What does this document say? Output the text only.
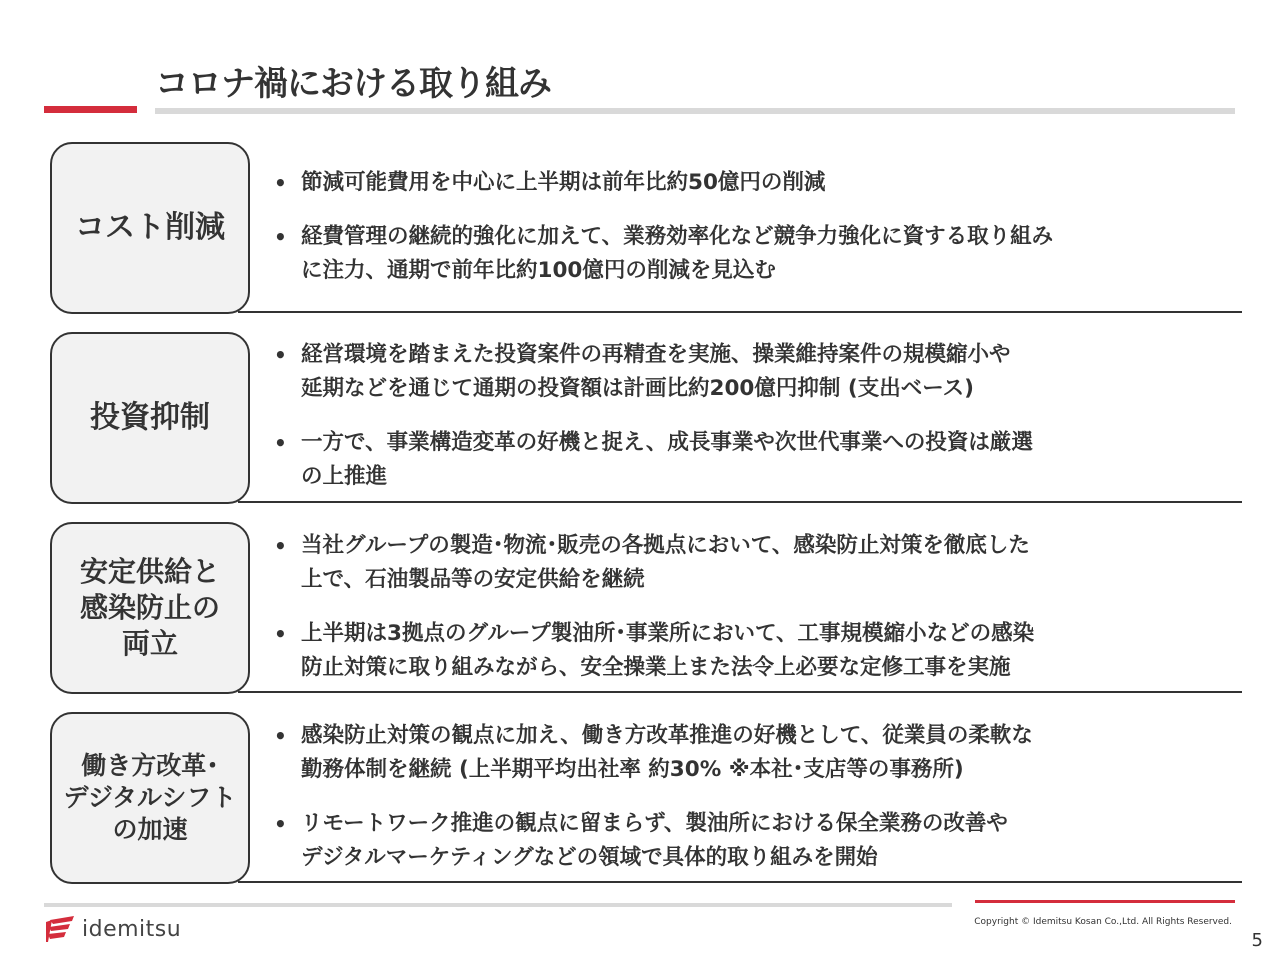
コロナ禍における取り組み
コスト削減
• 節減可能費用を中心に上半期は前年比約50億円の削減
• 経費管理の継続的強化に加えて、業務効率化など競争力強化に資する取り組み
に注力、通期で前年比約100億円の削減を見込む
投資抑制
• 経営環境を踏まえた投資案件の再精査を実施、操業維持案件の規模縮小や
延期などを通じて通期の投資額は計画比約200億円抑制 (支出ベース)
• 一方で、事業構造変革の好機と捉え、成長事業や次世代事業への投資は厳選
の上推進
安定供給と
感染防止の
両立
• 当社グループの製造･物流･販売の各拠点において、感染防止対策を徹底した
上で、石油製品等の安定供給を継続
• 上半期は3拠点のグループ製油所･事業所において、工事規模縮小などの感染
防止対策に取り組みながら、安全操業上また法令上必要な定修工事を実施
働き方改革･
デジタルシフト
の加速
• 感染防止対策の観点に加え、働き方改革推進の好機として、従業員の柔軟な
勤務体制を継続 (上半期平均出社率 約30% ※本社･支店等の事務所)
• リモートワーク推進の観点に留まらず、製油所における保全業務の改善や
デジタルマーケティングなどの領域で具体的取り組みを開始
idemitsu	Copyright © Idemitsu Kosan Co.,Ltd. All Rights Reserved.
5
